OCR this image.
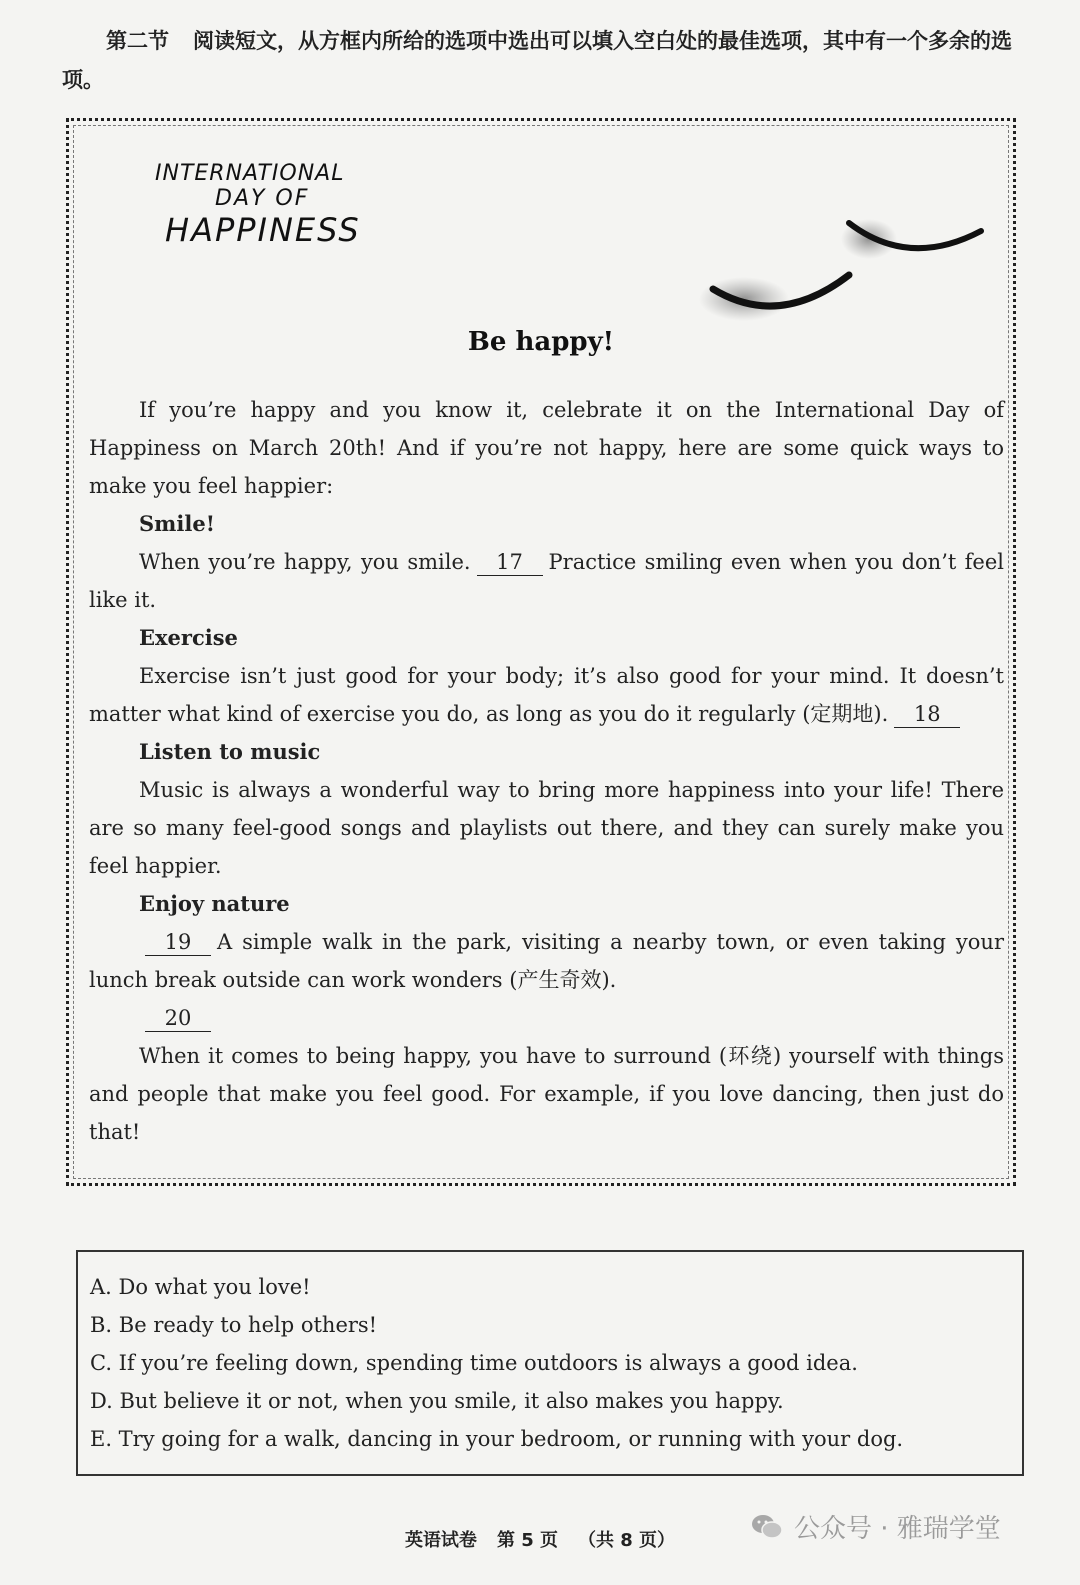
第二节 阅读短文，从方框内所给的选项中选出可以填入空白处的最佳选项，其中有一个多余的选项。
INTERNATIONAL
DAY OF
HAPPINESS
Be happy!

If you’re happy and you know it, celebrate it on the International Day of Happiness on March 20th! And if you’re not happy, here are some quick ways to make you feel happier:

Smile!

When you’re happy, you smile. 17 Practice smiling even when you don’t feel like it.

Exercise

Exercise isn’t just good for your body; it’s also good for your mind. It doesn’t matter what kind of exercise you do, as long as you do it regularly (定期地). 18

Listen to music

Music is always a wonderful way to bring more happiness into your life! There are so many feel-good songs and playlists out there, and they can surely make you feel happier.

Enjoy nature

19 A simple walk in the park, visiting a nearby town, or even taking your lunch break outside can work wonders (产生奇效).

20

When it comes to being happy, you have to surround (环绕) yourself with things and people that make you feel good. For example, if you love dancing, then just do that!

A. Do what you love!
B. Be ready to help others!
C. If you’re feeling down, spending time outdoors is always a good idea.
D. But believe it or not, when you smile, it also makes you happy.
E. Try going for a walk, dancing in your bedroom, or running with your dog.
英语试卷 第 5 页 （共 8 页）	公众号 · 雅瑞学堂
